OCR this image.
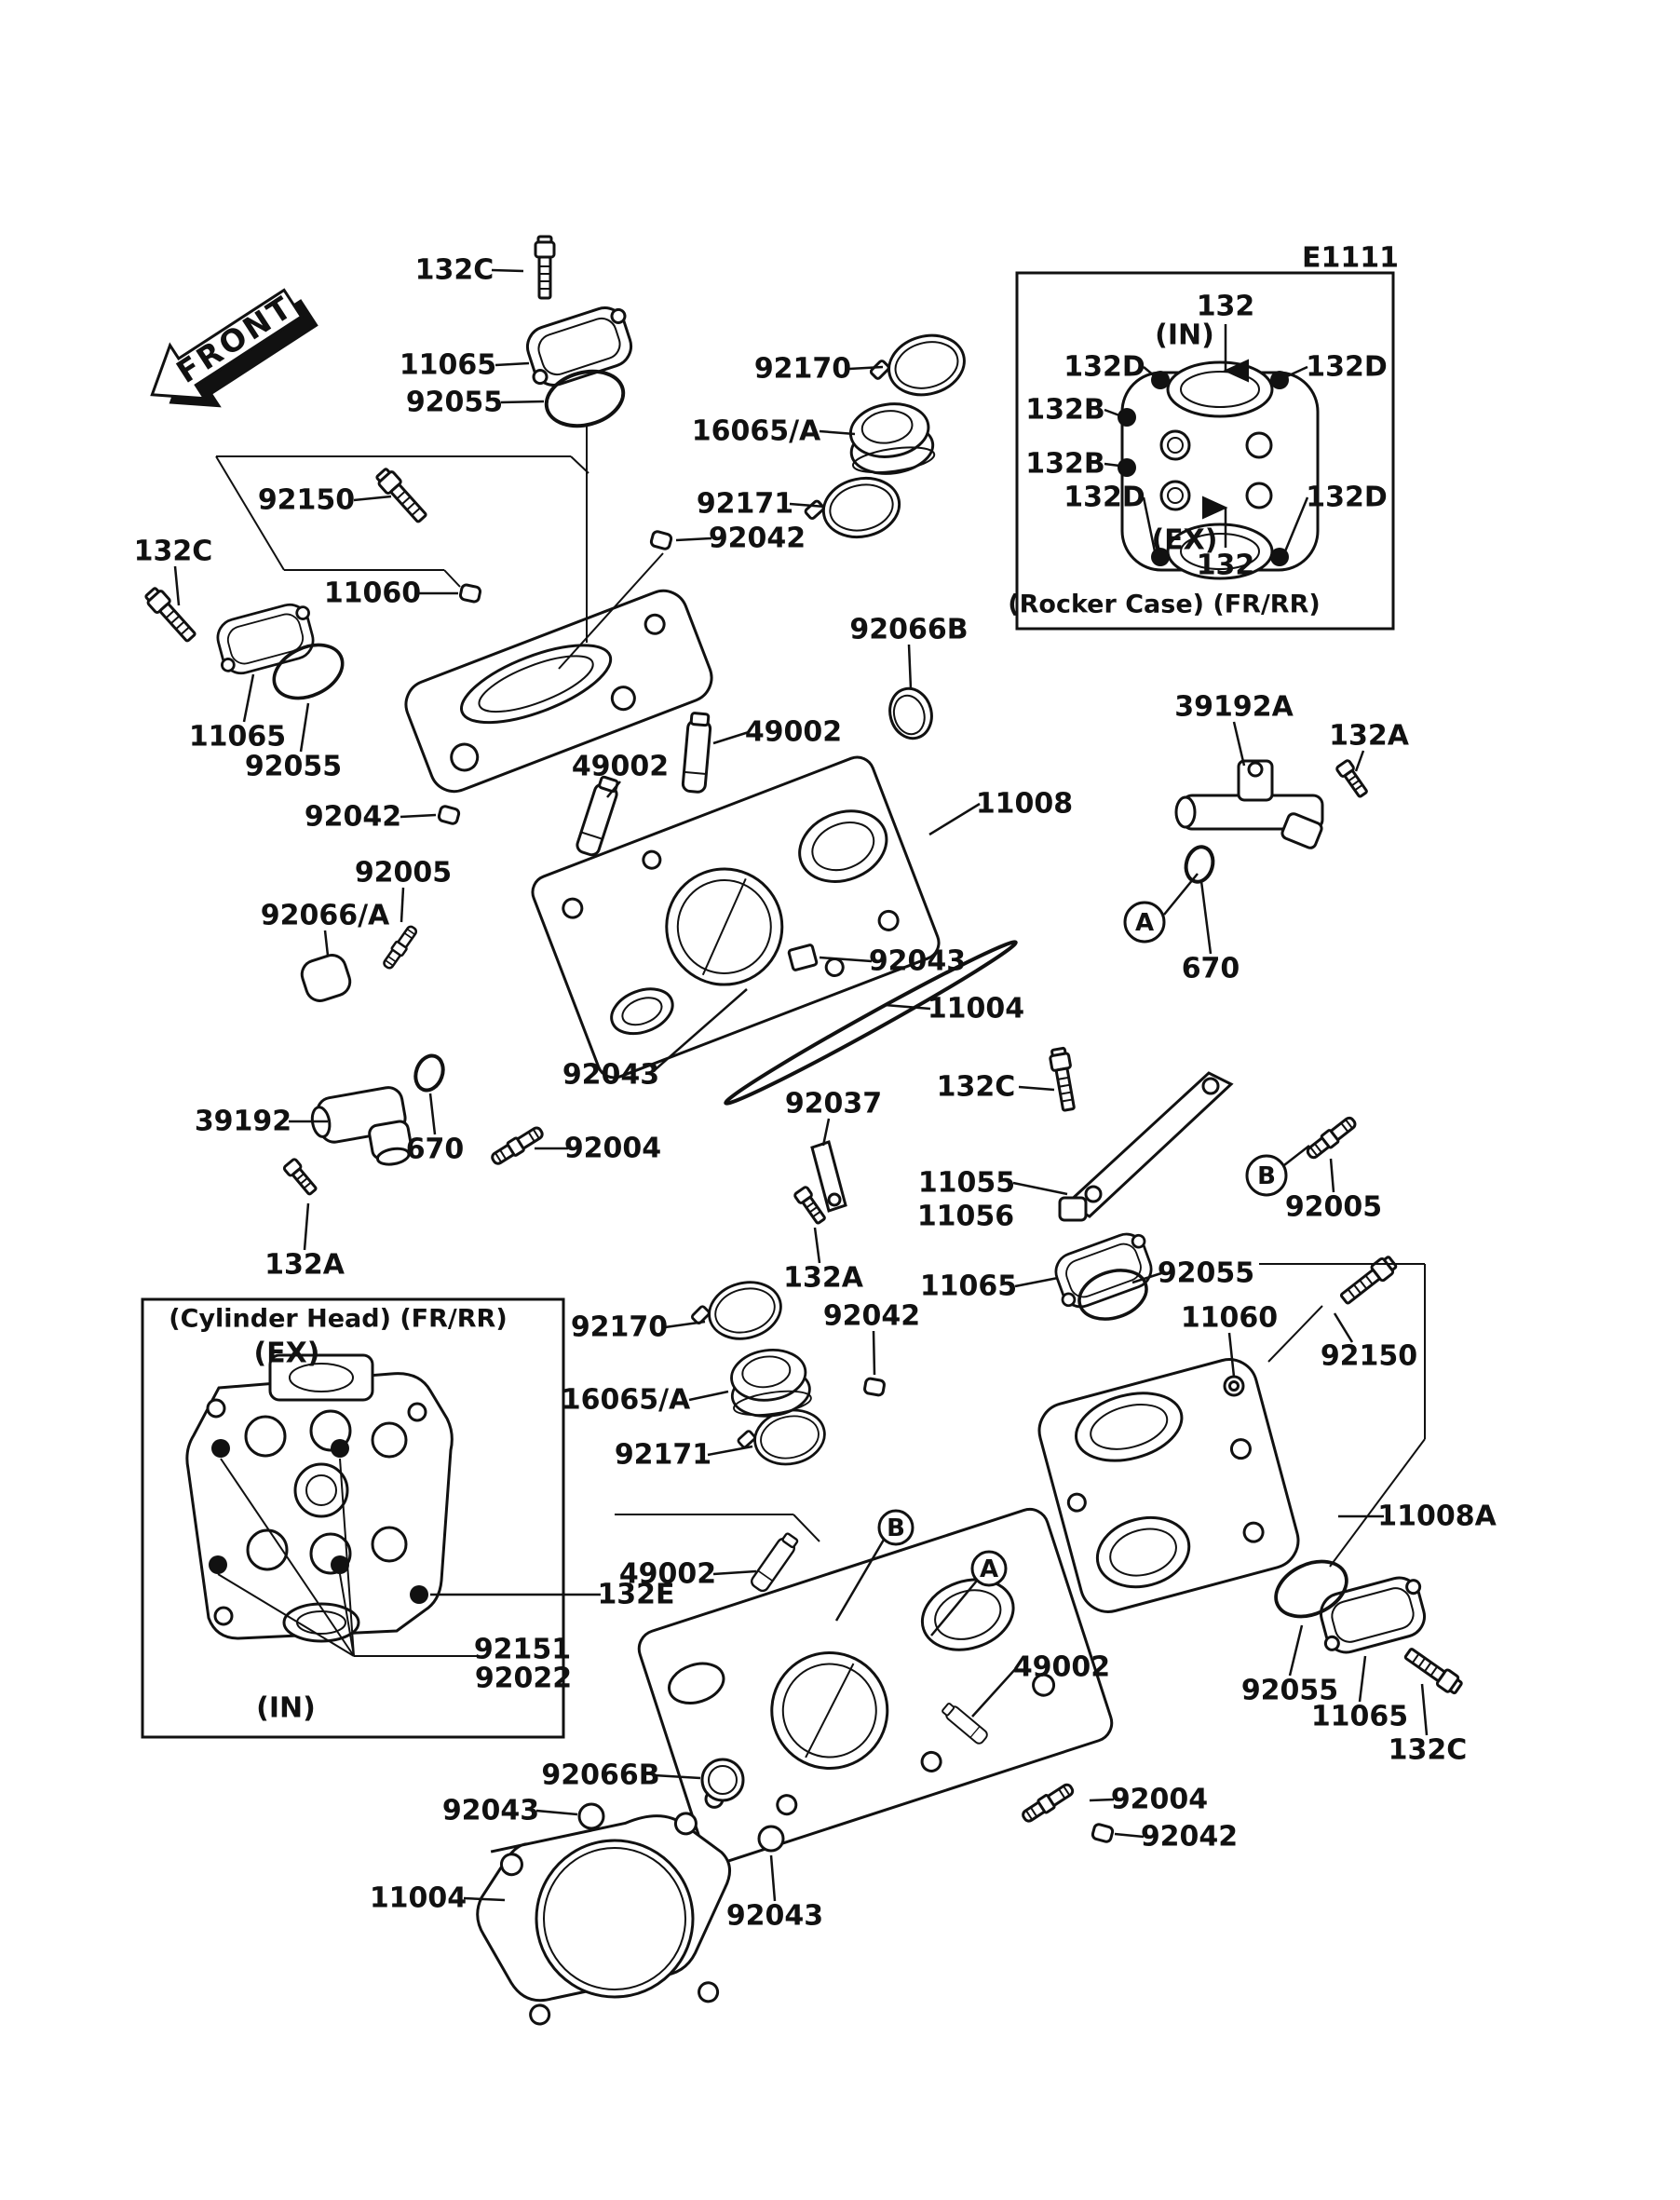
FRONT
E1111
132C
11065
92055
92150
132C
11060
11065
92055
92042
92005
92066/A
92170
16065/A
92171
92042
92066B
49002
49002
11008
92043
11004
92043
92037
39192
670	92004
132A
132C
11055
11056
11065
132A
92042
92170
16065/A
92171
49002
49002
92055
11060
92150
11008A
92055
11065
132C
92066B
92043
11004
92043
92004
92042
39192A
132A
670
92005
(Rocker Case) (FR/RR)
132
(IN)
132D	132D
132B
132B
132D	132D
(EX)
132
(Cylinder Head) (FR/RR)
(EX)
92151
92022
(IN)
132E
A
B
B
A
